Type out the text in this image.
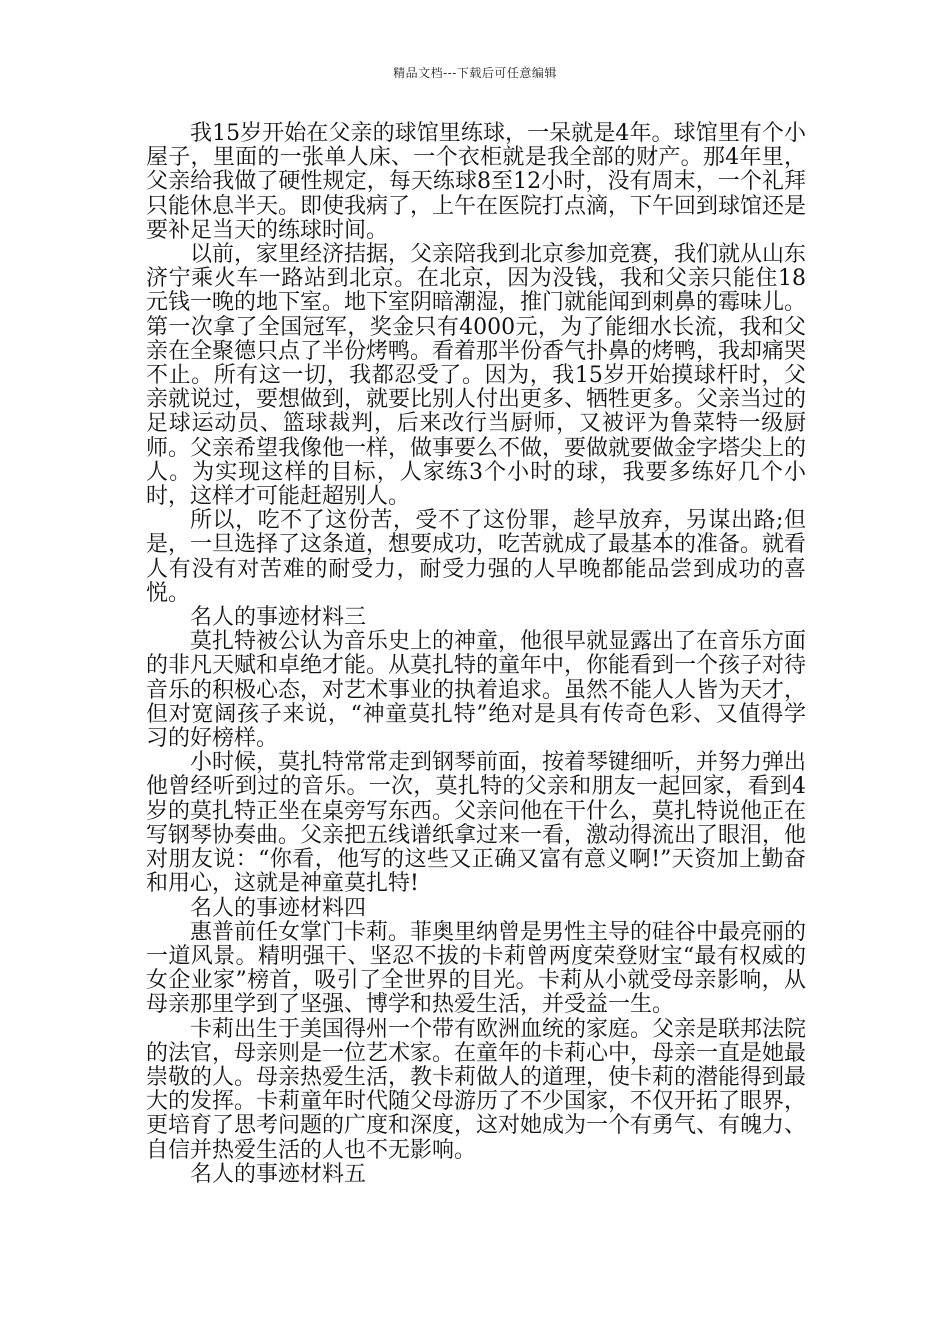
精品文档---下载后可任意编辑

我15岁开始在父亲的球馆里练球，一呆就是4年。球馆里有个小屋子，里面的一张单人床、一个衣柜就是我全部的财产。那4年里，父亲给我做了硬性规定，每天练球8至12小时，没有周末，一个礼拜只能休息半天。即使我病了，上午在医院打点滴，下午回到球馆还是要补足当天的练球时间。

以前，家里经济拮据，父亲陪我到北京参加竞赛，我们就从山东济宁乘火车一路站到北京。在北京，因为没钱，我和父亲只能住18元钱一晚的地下室。地下室阴暗潮湿，推门就能闻到刺鼻的霉味儿。第一次拿了全国冠军，奖金只有4000元，为了能细水长流，我和父亲在全聚德只点了半份烤鸭。看着那半份香气扑鼻的烤鸭，我却痛哭不止。所有这一切，我都忍受了。因为，我15岁开始摸球杆时，父亲就说过，要想做到，就要比别人付出更多、牺牲更多。父亲当过的足球运动员、篮球裁判，后来改行当厨师，又被评为鲁菜特一级厨师。父亲希望我像他一样，做事要么不做，要做就要做金字塔尖上的人。为实现这样的目标，人家练3个小时的球，我要多练好几个小时，这样才可能赶超别人。

所以，吃不了这份苦，受不了这份罪，趁早放弃，另谋出路;但是，一旦选择了这条道，想要成功，吃苦就成了最基本的准备。就看人有没有对苦难的耐受力，耐受力强的人早晚都能品尝到成功的喜悦。

名人的事迹材料三

莫扎特被公认为音乐史上的神童，他很早就显露出了在音乐方面的非凡天赋和卓绝才能。从莫扎特的童年中，你能看到一个孩子对待音乐的积极心态，对艺术事业的执着追求。虽然不能人人皆为天才，但对宽阔孩子来说，“神童莫扎特”绝对是具有传奇色彩、又值得学习的好榜样。

小时候，莫扎特常常走到钢琴前面，按着琴键细听，并努力弹出他曾经听到过的音乐。一次，莫扎特的父亲和朋友一起回家，看到4岁的莫扎特正坐在桌旁写东西。父亲问他在干什么，莫扎特说他正在写钢琴协奏曲。父亲把五线谱纸拿过来一看，激动得流出了眼泪，他对朋友说：“你看，他写的这些又正确又富有意义啊!”天资加上勤奋和用心，这就是神童莫扎特!

名人的事迹材料四

惠普前任女掌门卡莉。菲奥里纳曾是男性主导的硅谷中最亮丽的一道风景。精明强干、坚忍不拔的卡莉曾两度荣登财宝“最有权威的女企业家”榜首，吸引了全世界的目光。卡莉从小就受母亲影响，从母亲那里学到了坚强、博学和热爱生活，并受益一生。

卡莉出生于美国得州一个带有欧洲血统的家庭。父亲是联邦法院的法官，母亲则是一位艺术家。在童年的卡莉心中，母亲一直是她最崇敬的人。母亲热爱生活，教卡莉做人的道理，使卡莉的潜能得到最大的发挥。卡莉童年时代随父母游历了不少国家，不仅开拓了眼界，更培育了思考问题的广度和深度，这对她成为一个有勇气、有魄力、自信并热爱生活的人也不无影响。

名人的事迹材料五
